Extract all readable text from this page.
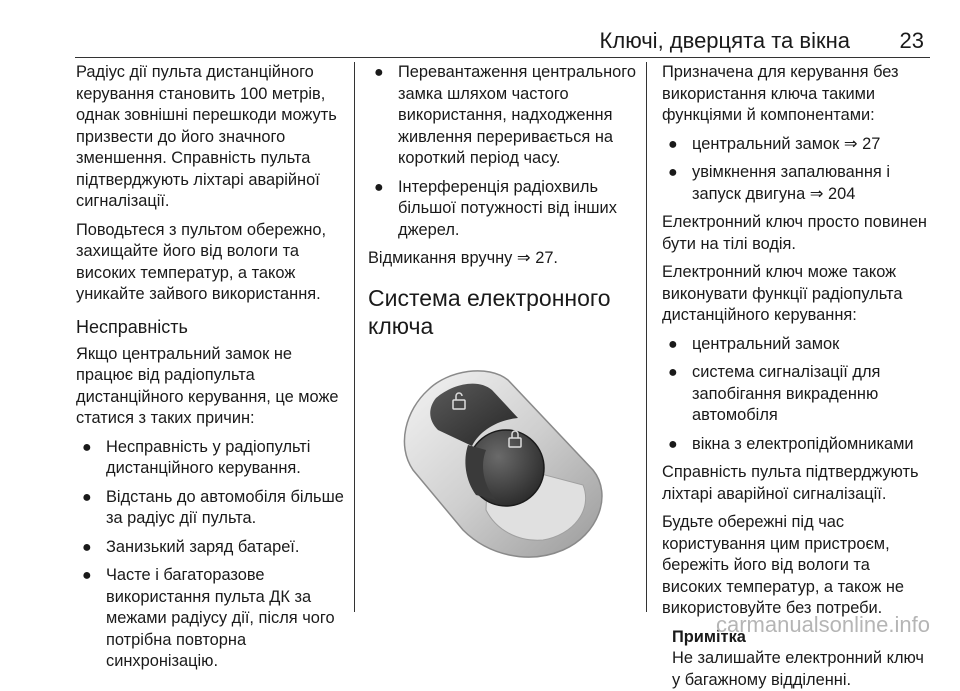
Ключі, дверцята та вікна 23

Радіус дії пульта дистанційного керування становить 100 метрів, однак зовнішні перешкоди можуть призвести до його значного зменшення. Справність пульта підтверджують ліхтарі аварійної сигналізації.

Поводьтеся з пультом обережно, захищайте його від вологи та високих температур, а також уникайте зайвого використання.

Несправність

Якщо центральний замок не працює від радіопульта дистанційного керування, це може статися з таких причин:

● Несправність у радіопульті дистанційного керування.
● Відстань до автомобіля більше за радіус дії пульта.
● Занизький заряд батареї.
● Часте і багаторазове використання пульта ДК за межами радіусу дії, після чого потрібна повторна синхронізацію.
● Перевантаження центрального замка шляхом частого використання, надходження живлення переривається на короткий період часу.
● Інтерференція радіохвиль більшої потужності від інших джерел.

Відмикання вручну ⇒ 27.

Система електронного ключа

Призначена для керування без використання ключа такими функціями й компонентами:

● центральний замок ⇒ 27
● увімкнення запалювання і запуск двигуна ⇒ 204

Електронний ключ просто повинен бути на тілі водія.

Електронний ключ може також виконувати функції радіопульта дистанційного керування:

● центральний замок
● система сигналізації для запобігання викраденню автомобіля
● вікна з електропідйомниками

Справність пульта підтверджують ліхтарі аварійної сигналізації.

Будьте обережні під час користування цим пристроєм, бережіть його від вологи та високих температур, а також не використовуйте без потреби.

Примітка
Не залишайте електронний ключ у багажному відділенні.
carmanualsonline.info
